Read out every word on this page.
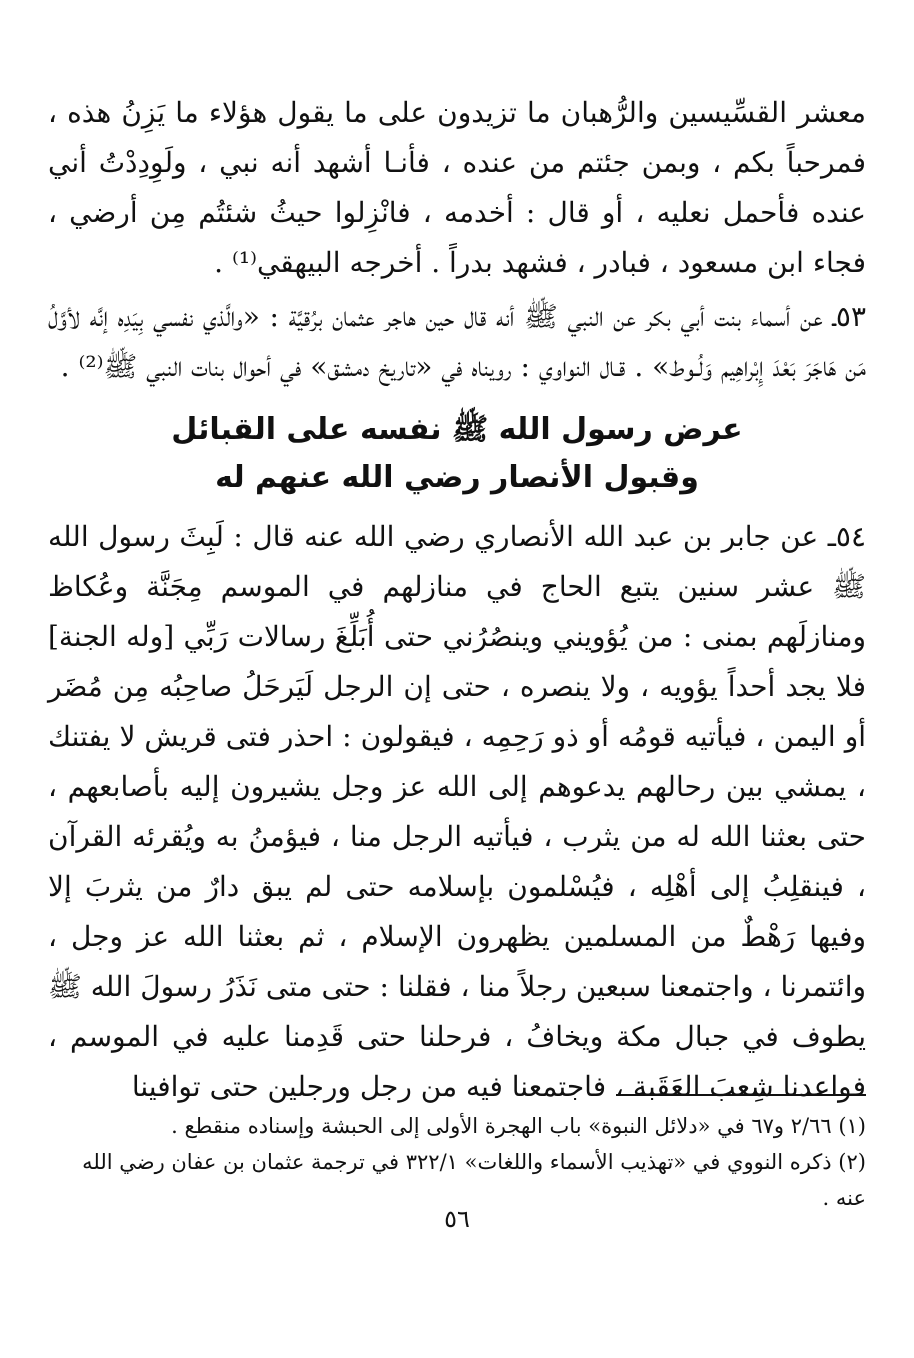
معشر القسِّيسين والرُّهبان ما تزيدون على ما يقول هؤلاء ما يَزِنُ هذه ، فمرحباً بكم ، وبمن جئتم من عنده ، فأنـا أشهد أنه نبي ، ولَوِدِدْتُ أني عنده فأحمل نعليه ، أو قال : أخدمه ، فانْزِلوا حيثُ شئتُم مِن أرضي ، فجاء ابن مسعود ، فبادر ، فشهد بدراً . أخرجه البيهقي⁽¹⁾ .

٥٣ـ عن أسماء بنت أبي بكر عن النبي ﷺ أنه قال حين هاجر عثمان برُقيَّة : «والَّذي نفسي بِيَدِه إنَّه لأوَّلُ مَن هَاجَرَ بَعْدَ إِبْراهِيم وَلُـوط» . قـال النواوي : رويناه في «تاريخ دمشق» في أحوال بنات النبي ﷺ⁽²⁾ .

عرض رسول الله ﷺ نفسه على القبائل
وقبول الأنصار رضي الله عنهم له

٥٤ـ عن جابر بن عبد الله الأنصاري رضي الله عنه قال : لَبِثَ رسول الله ﷺ عشر سنين يتبع الحاج في منازلهم في الموسم مِجَنَّة وعُكاظ ومنازلَهم بمنى : من يُؤويني وينصُرُني حتى أُبَلِّغَ رسالات رَبِّي [وله الجنة] فلا يجد أحداً يؤويه ، ولا ينصره ، حتى إن الرجل لَيَرحَلُ صاحِبُه مِن مُضَر أو اليمن ، فيأتيه قومُه أو ذو رَحِمِه ، فيقولون : احذر فتى قريش لا يفتنك ، يمشي بين رحالهم يدعوهم إلى الله عز وجل يشيرون إليه بأصابعهم ، حتى بعثنا الله له من يثرب ، فيأتيه الرجل منا ، فيؤمنُ به ويُقرئه القرآن ، فينقلِبُ إلى أهْلِه ، فيُسْلمون بإسلامه حتى لم يبق دارٌ من يثربَ إلا وفيها رَهْطٌ من المسلمين يظهرون الإسلام ، ثم بعثنا الله عز وجل ، وائتمرنا ، واجتمعنا سبعين رجلاً منا ، فقلنا : حتى متى نَذَرُ رسولَ الله ﷺ يطوف في جبال مكة ويخافُ ، فرحلنا حتى قَدِمنا عليه في الموسم ، فواعدنا شِعبَ العَقَبة ، فاجتمعنا فيه من رجل ورجلين حتى توافينا

(١) ٢/٦٦ و٦٧ في «دلائل النبوة» باب الهجرة الأولى إلى الحبشة وإسناده منقطع .

(٢) ذكره النووي في «تهذيب الأسماء واللغات» ٣٢٢/١ في ترجمة عثمان بن عفان رضي الله عنه .

٥٦
